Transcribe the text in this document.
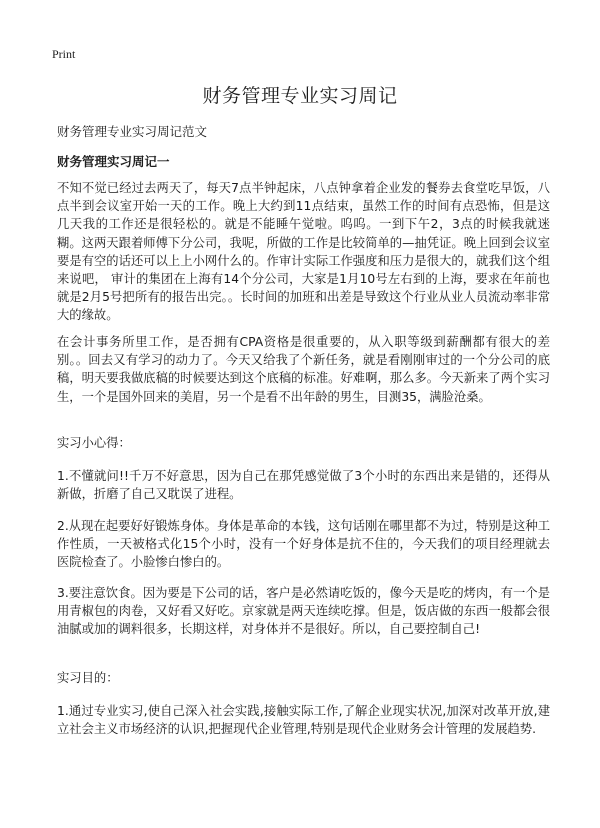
Print
财务管理专业实习周记

财务管理专业实习周记范文

财务管理实习周记一

不知不觉已经过去两天了，每天7点半钟起床，八点钟拿着企业发的餐券去食堂吃早饭，八点半到会议室开始一天的工作。晚上大约到11点结束，虽然工作的时间有点恐怖，但是这几天我的工作还是很轻松的。就是不能睡午觉啦。呜呜。一到下午2，3点的时候我就迷糊。这两天跟着师傅下分公司，我呢，所做的工作是比较简单的—抽凭证。晚上回到会议室要是有空的话还可以上上小网什么的。作审计实际工作强度和压力是很大的，就我们这个组来说吧， 审计的集团在上海有14个分公司，大家是1月10号左右到的上海，要求在年前也就是2月5号把所有的报告出完。。长时间的加班和出差是导致这个行业从业人员流动率非常大的缘故。

在会计事务所里工作，是否拥有CPA资格是很重要的，从入职等级到薪酬都有很大的差别。。回去又有学习的动力了。今天又给我了个新任务，就是看刚刚审过的一个分公司的底稿，明天要我做底稿的时候要达到这个底稿的标准。好难啊，那么多。今天新来了两个实习生，一个是国外回来的美眉，另一个是看不出年龄的男生，目测35，满脸沧桑。

实习小心得：

1.不懂就问!!千万不好意思，因为自己在那凭感觉做了3个小时的东西出来是错的，还得从新做，折磨了自己又耽误了进程。

2.从现在起要好好锻炼身体。身体是革命的本钱，这句话刚在哪里都不为过，特别是这种工作性质，一天被格式化15个小时，没有一个好身体是抗不住的，今天我们的项目经理就去医院检查了。小脸惨白惨白的。

3.要注意饮食。因为要是下公司的话，客户是必然请吃饭的，像今天是吃的烤肉，有一个是用青椒包的肉卷，又好看又好吃。京家就是两天连续吃撑。但是，饭店做的东西一般都会很油腻或加的调料很多，长期这样，对身体并不是很好。所以，自己要控制自己!

实习目的：

1.通过专业实习,使自己深入社会实践,接触实际工作,了解企业现实状况,加深对改革开放,建立社会主义市场经济的认识,把握现代企业管理,特别是现代企业财务会计管理的发展趋势.
